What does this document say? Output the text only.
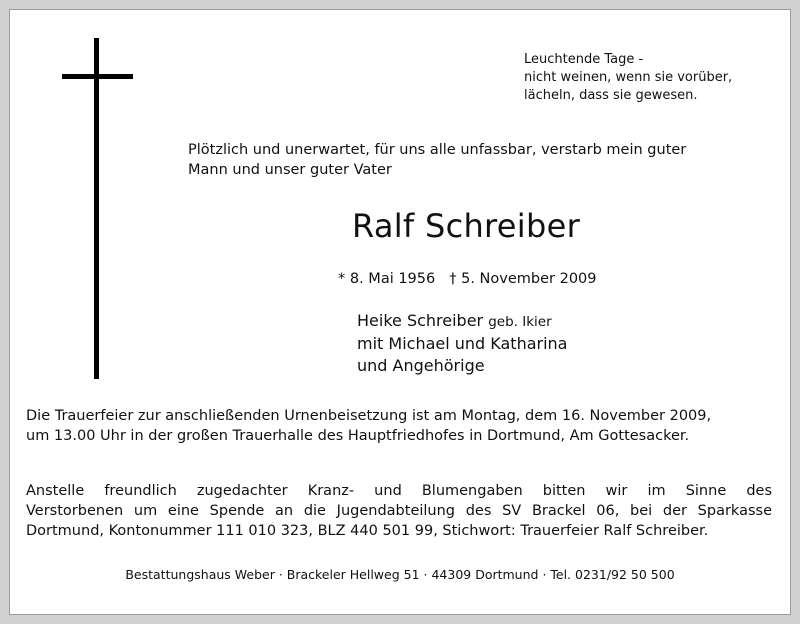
Leuchtende Tage -
nicht weinen, wenn sie vorüber,
lächeln, dass sie gewesen.
Plötzlich und unerwartet, für uns alle unfassbar, verstarb mein guter
Mann und unser guter Vater
Ralf Schreiber
* 8. Mai 1956 † 5. November 2009
Heike Schreiber geb. Ikier
mit Michael und Katharina
und Angehörige
Die Trauerfeier zur anschließenden Urnenbeisetzung ist am Montag, dem 16. November 2009,
um 13.00 Uhr in der großen Trauerhalle des Hauptfriedhofes in Dortmund, Am Gottesacker.
Anstelle freundlich zugedachter Kranz- und Blumengaben bitten wir im Sinne des
Verstorbenen um eine Spende an die Jugendabteilung des SV Brackel 06, bei der Sparkasse
Dortmund, Kontonummer 111 010 323, BLZ 440 501 99, Stichwort: Trauerfeier Ralf Schreiber.
Bestattungshaus Weber · Brackeler Hellweg 51 · 44309 Dortmund · Tel. 0231/92 50 500
